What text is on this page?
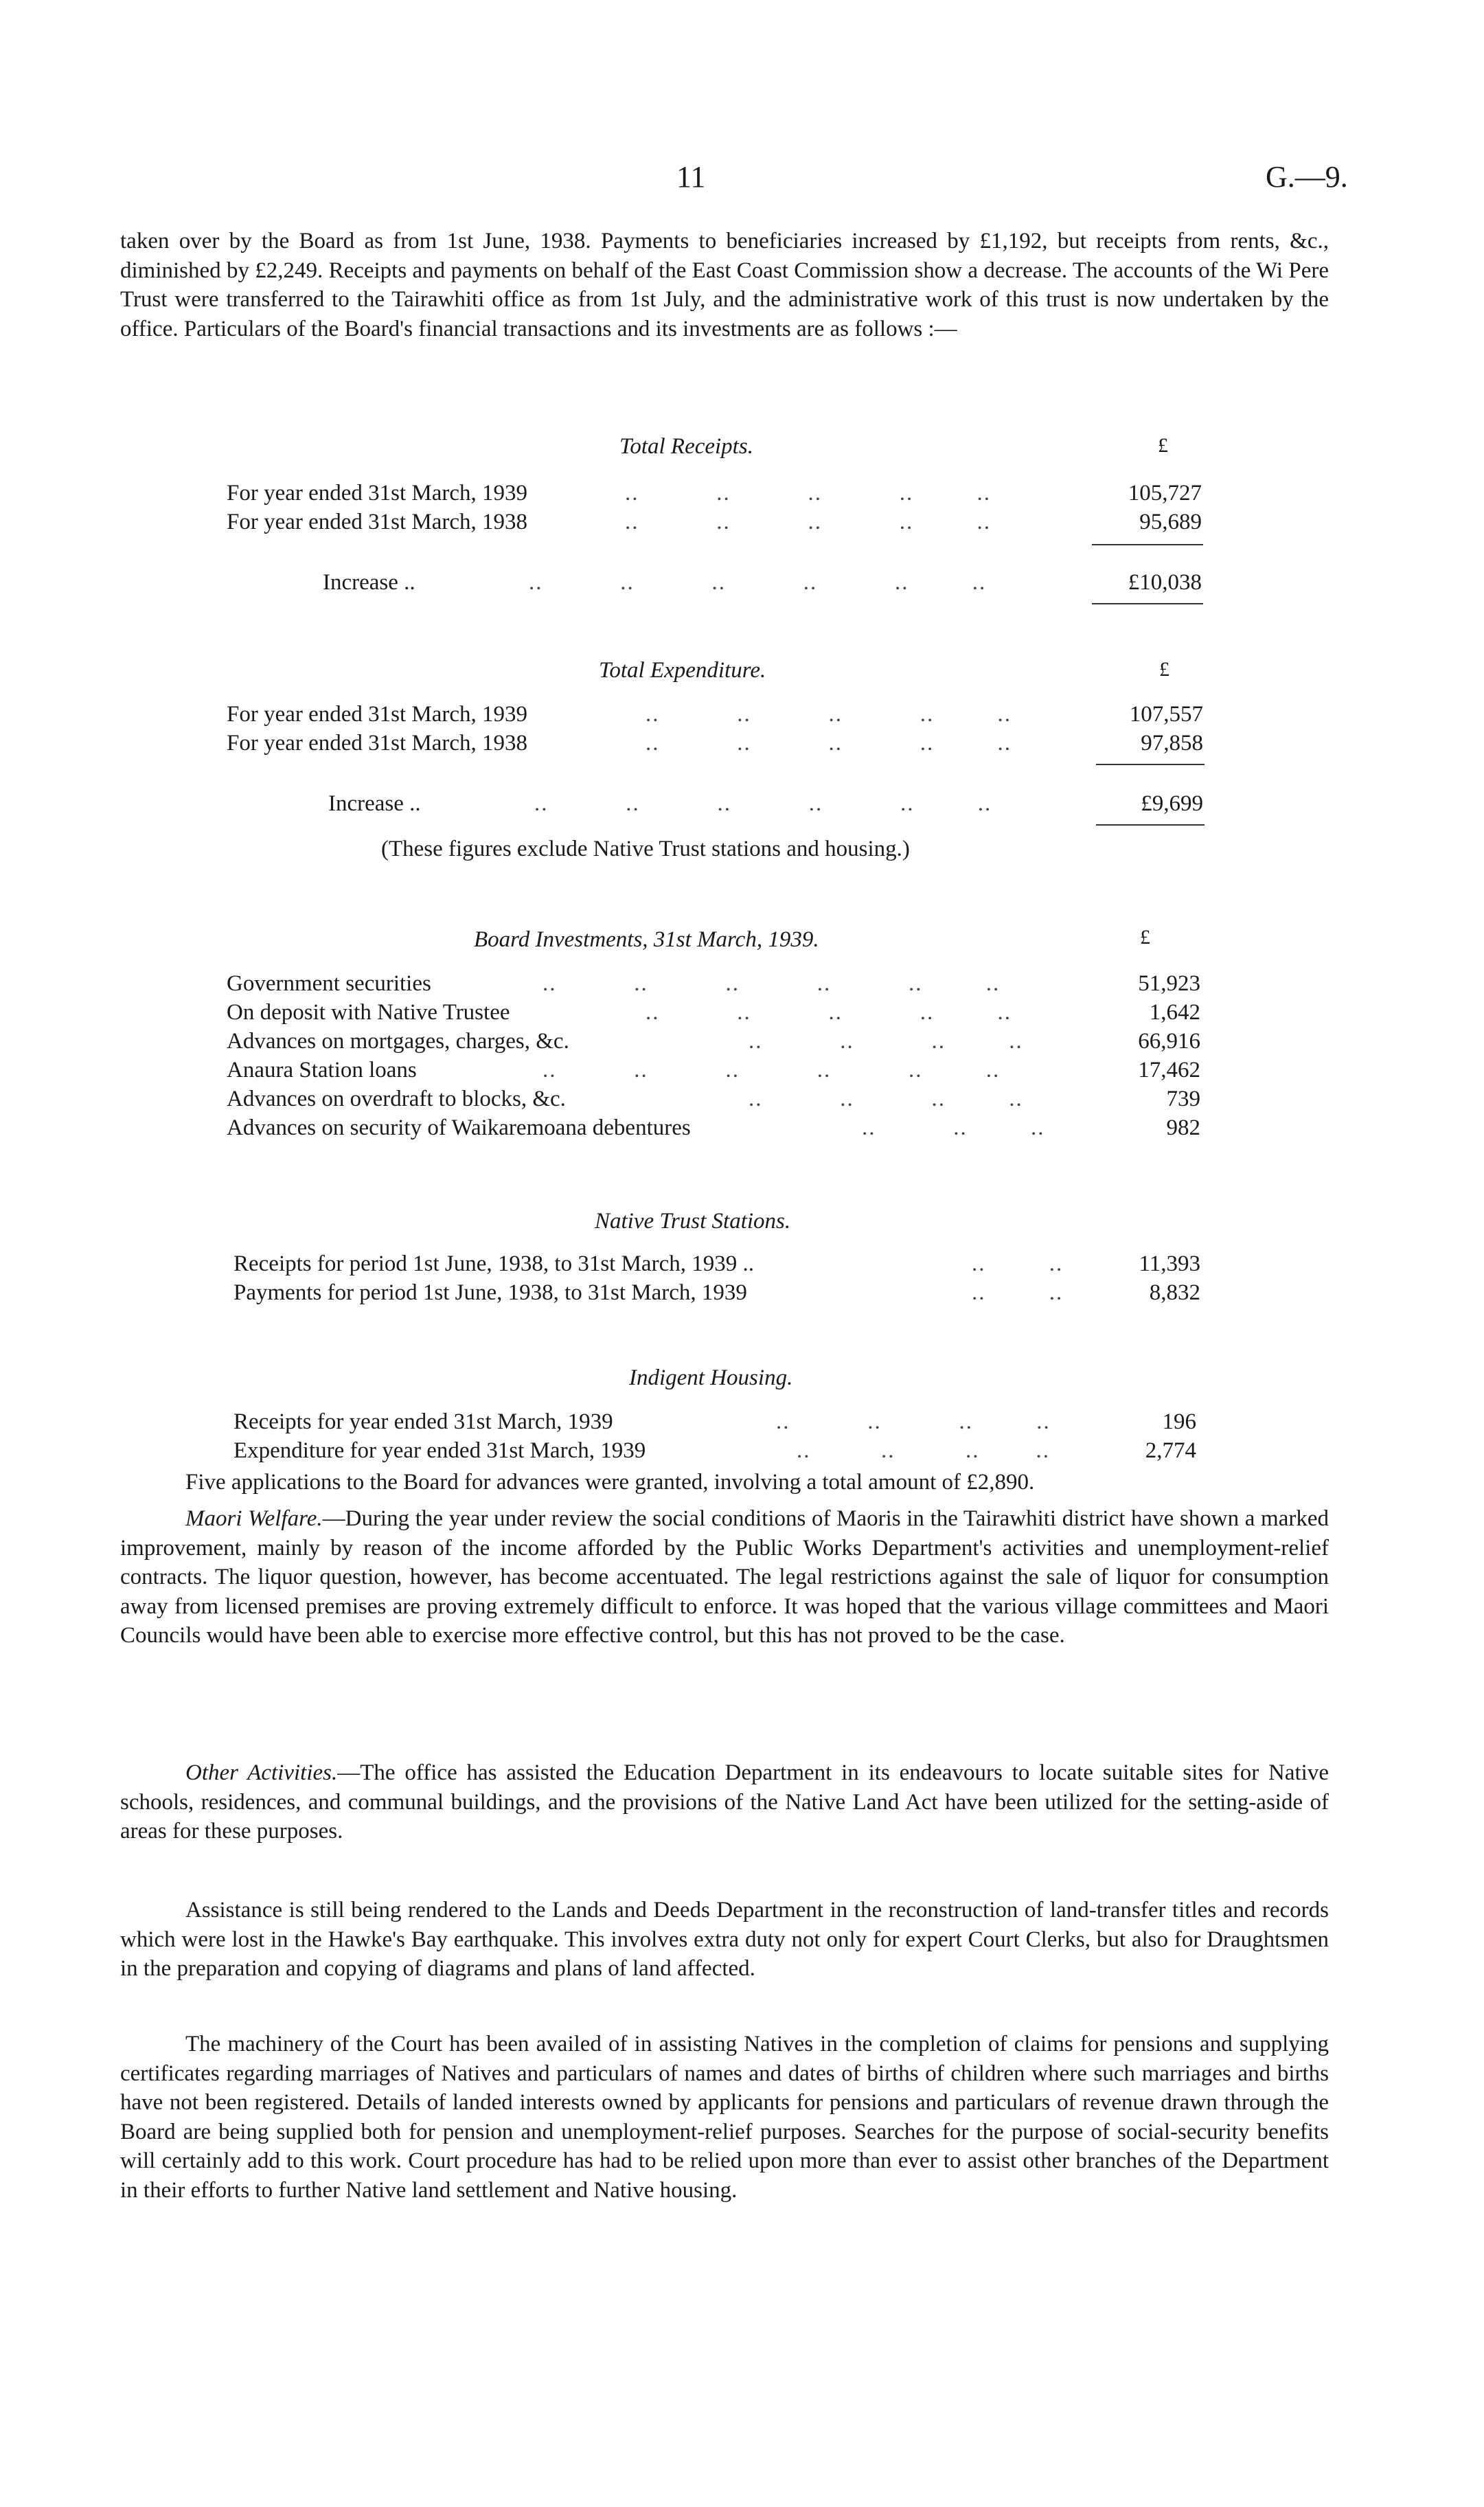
11	G.—9.
taken over by the Board as from 1st June, 1938. Payments to beneficiaries increased by £1,192, but receipts from rents, &c., diminished by £2,249. Receipts and payments on behalf of the East Coast Commission show a decrease. The accounts of the Wi Pere Trust were transferred to the Tairawhiti office as from 1st July, and the administrative work of this trust is now undertaken by the office. Particulars of the Board's financial transactions and its investments are as follows :—
Total Receipts.	£
For year ended 31st March, 1939	..           ..           ..           ..         ..	105,727
For year ended 31st March, 1938	..           ..           ..           ..         ..	95,689
Increase ..	..           ..           ..           ..           ..         ..	£10,038
Total Expenditure.	£
For year ended 31st March, 1939	..           ..           ..           ..         ..	107,557
For year ended 31st March, 1938	..           ..           ..           ..         ..	97,858
Increase ..	..           ..           ..           ..           ..         ..	£9,699
(These figures exclude Native Trust stations and housing.)
Board Investments, 31st March, 1939.	£
Government securities	..           ..           ..           ..           ..         ..	51,923
On deposit with Native Trustee	..           ..           ..           ..         ..	1,642
Advances on mortgages, charges, &c.	..           ..           ..         ..	66,916
Anaura Station loans	..           ..           ..           ..           ..         ..	17,462
Advances on overdraft to blocks, &c.	..           ..           ..         ..	739
Advances on security of Waikaremoana debentures	..           ..         ..	982
Native Trust Stations.
Receipts for period 1st June, 1938, to 31st March, 1939 ..	..         ..	11,393
Payments for period 1st June, 1938, to 31st March, 1939	..         ..	8,832
Indigent Housing.
Receipts for year ended 31st March, 1939	..           ..           ..         ..	196
Expenditure for year ended 31st March, 1939	..          ..          ..        ..	2,774
Five applications to the Board for advances were granted, involving a total amount of £2,890.
Maori Welfare.—During the year under review the social conditions of Maoris in the Tairawhiti district have shown a marked improvement, mainly by reason of the income afforded by the Public Works Department's activities and unemployment-relief contracts. The liquor question, however, has become accentuated. The legal restrictions against the sale of liquor for consumption away from licensed premises are proving extremely difficult to enforce. It was hoped that the various village committees and Maori Councils would have been able to exercise more effective control, but this has not proved to be the case.
Other Activities.—The office has assisted the Education Department in its endeavours to locate suitable sites for Native schools, residences, and communal buildings, and the provisions of the Native Land Act have been utilized for the setting-aside of areas for these purposes.
Assistance is still being rendered to the Lands and Deeds Department in the reconstruction of land-transfer titles and records which were lost in the Hawke's Bay earthquake. This involves extra duty not only for expert Court Clerks, but also for Draughtsmen in the preparation and copying of diagrams and plans of land affected.
The machinery of the Court has been availed of in assisting Natives in the completion of claims for pensions and supplying certificates regarding marriages of Natives and particulars of names and dates of births of children where such marriages and births have not been registered. Details of landed interests owned by applicants for pensions and particulars of revenue drawn through the Board are being supplied both for pension and unemployment-relief purposes. Searches for the purpose of social-security benefits will certainly add to this work. Court procedure has had to be relied upon more than ever to assist other branches of the Department in their efforts to further Native land settlement and Native housing.
